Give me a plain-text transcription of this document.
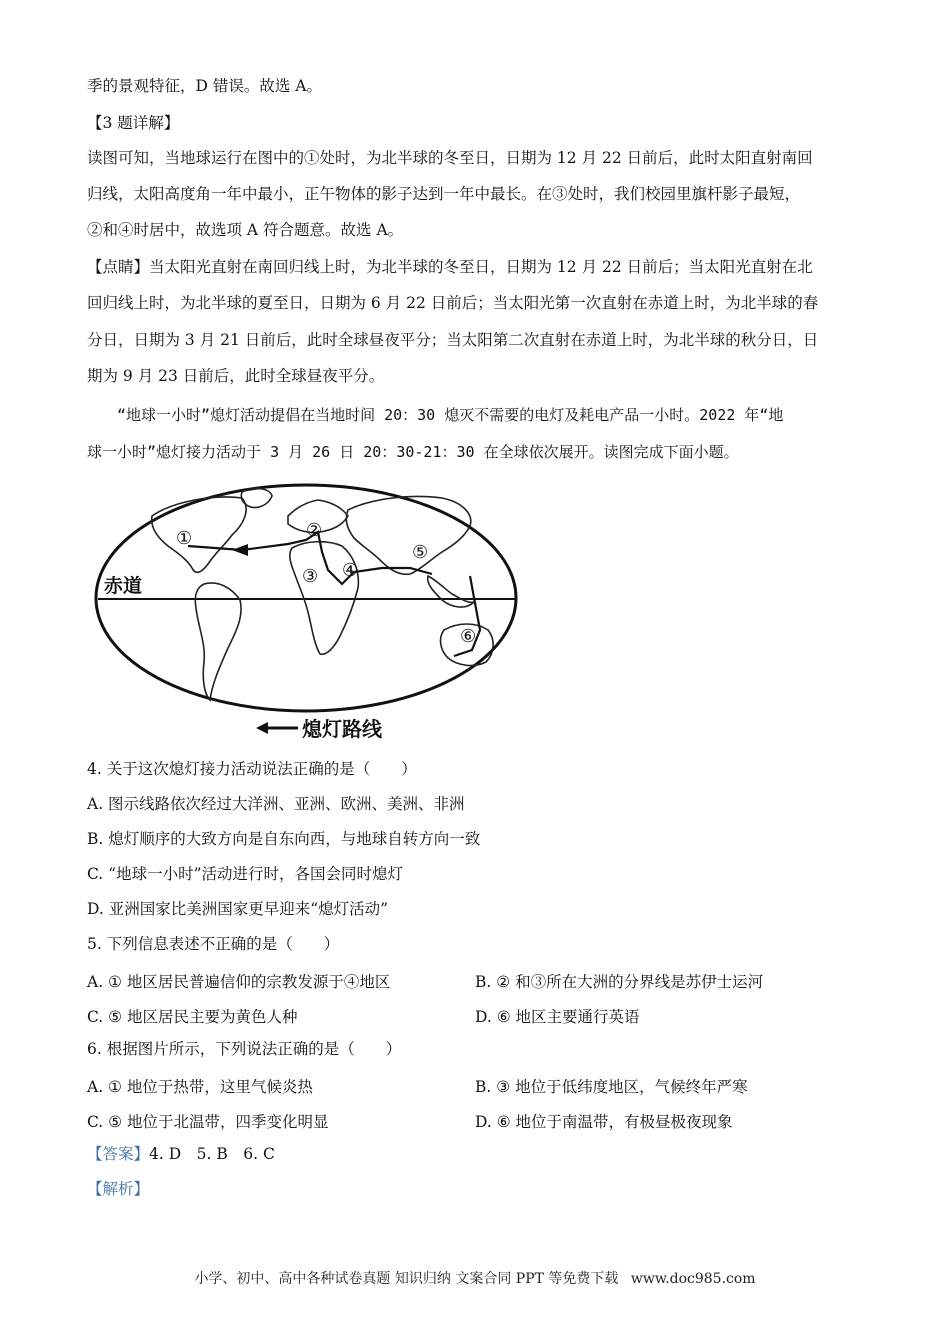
季的景观特征，D 错误。故选 A。

【3 题详解】

读图可知，当地球运行在图中的①处时，为北半球的冬至日，日期为 12 月 22 日前后，此时太阳直射南回

归线，太阳高度角一年中最小，正午物体的影子达到一年中最长。在③处时，我们校园里旗杆影子最短，

②和④时居中，故选项 A 符合题意。故选 A。

【点睛】当太阳光直射在南回归线上时，为北半球的冬至日，日期为 12 月 22 日前后；当太阳光直射在北

回归线上时，为北半球的夏至日，日期为 6 月 22 日前后；当太阳光第一次直射在赤道上时，为北半球的春

分日，日期为 3 月 21 日前后，此时全球昼夜平分；当太阳第二次直射在赤道上时，为北半球的秋分日，日

期为 9 月 23 日前后，此时全球昼夜平分。

“地球一小时”熄灯活动提倡在当地时间 20：30 熄灭不需要的电灯及耗电产品一小时。2022 年“地

球一小时”熄灯接力活动于 3 月 26 日 20：30-21：30 在全球依次展开。读图完成下面小题。

①	②
③ ④
⑤
⑥
赤道
熄灯路线

4. 关于这次熄灯接力活动说法正确的是（　　）

A. 图示线路依次经过大洋洲、亚洲、欧洲、美洲、非洲

B. 熄灯顺序的大致方向是自东向西，与地球自转方向一致

C. “地球一小时”活动进行时，各国会同时熄灯

D. 亚洲国家比美洲国家更早迎来“熄灯活动”

5. 下列信息表述不正确的是（　　）

A. ① 地区居民普遍信仰的宗教发源于④地区	B. ② 和③所在大洲的分界线是苏伊士运河
C. ⑤ 地区居民主要为黄色人种	D. ⑥ 地区主要通行英语

6. 根据图片所示，下列说法正确的是（　　）

A. ① 地位于热带，这里气候炎热	B. ③ 地位于低纬度地区，气候终年严寒
C. ⑤ 地位于北温带，四季变化明显	D. ⑥ 地位于南温带，有极昼极夜现象

【答案】4. D　5. B　6. C

【解析】

小学、初中、高中各种试卷真题 知识归纳 文案合同 PPT 等免费下载 www.doc985.com
